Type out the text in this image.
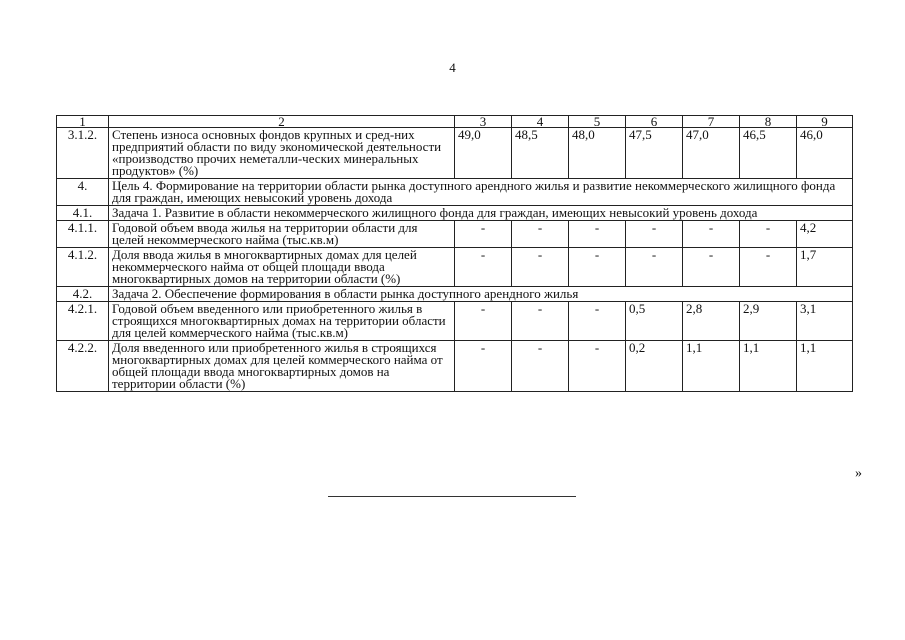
4
1	2	3	4	5	6	7	8	9
3.1.2.	Степень износа основных фондов крупных и сред-них предприятий области по виду экономической деятельности «производство прочих неметалли-ческих минеральных продуктов» (%)	49,0	48,5	48,0	47,5	47,0	46,5	46,0
4.	Цель 4. Формирование на территории области рынка доступного арендного жилья и развитие некоммерческого жилищного фонда для граждан, имеющих невысокий уровень дохода							
4.1.	Задача 1. Развитие в области некоммерческого жилищного фонда для граждан, имеющих невысокий уровень дохода							
4.1.1.	Годовой объем ввода жилья на территории области для целей некоммерческого найма (тыс.кв.м)	-	-	-	-	-	-	4,2
4.1.2.	Доля ввода жилья в многоквартирных домах для целей некоммерческого найма от общей площади ввода многоквартирных домов на территории области (%)	-	-	-	-	-	-	1,7
4.2.	Задача 2. Обеспечение формирования в области рынка доступного арендного жилья							
4.2.1.	Годовой объем введенного или приобретенного жилья в строящихся многоквартирных домах на территории области для целей коммерческого найма (тыс.кв.м)	-	-	-	0,5	2,8	2,9	3,1
4.2.2.	Доля введенного или приобретенного жилья в строящихся многоквартирных домах для целей коммерческого найма от общей площади ввода многоквартирных домов на территории области (%)	-	-	-	0,2	1,1	1,1	1,1
»
